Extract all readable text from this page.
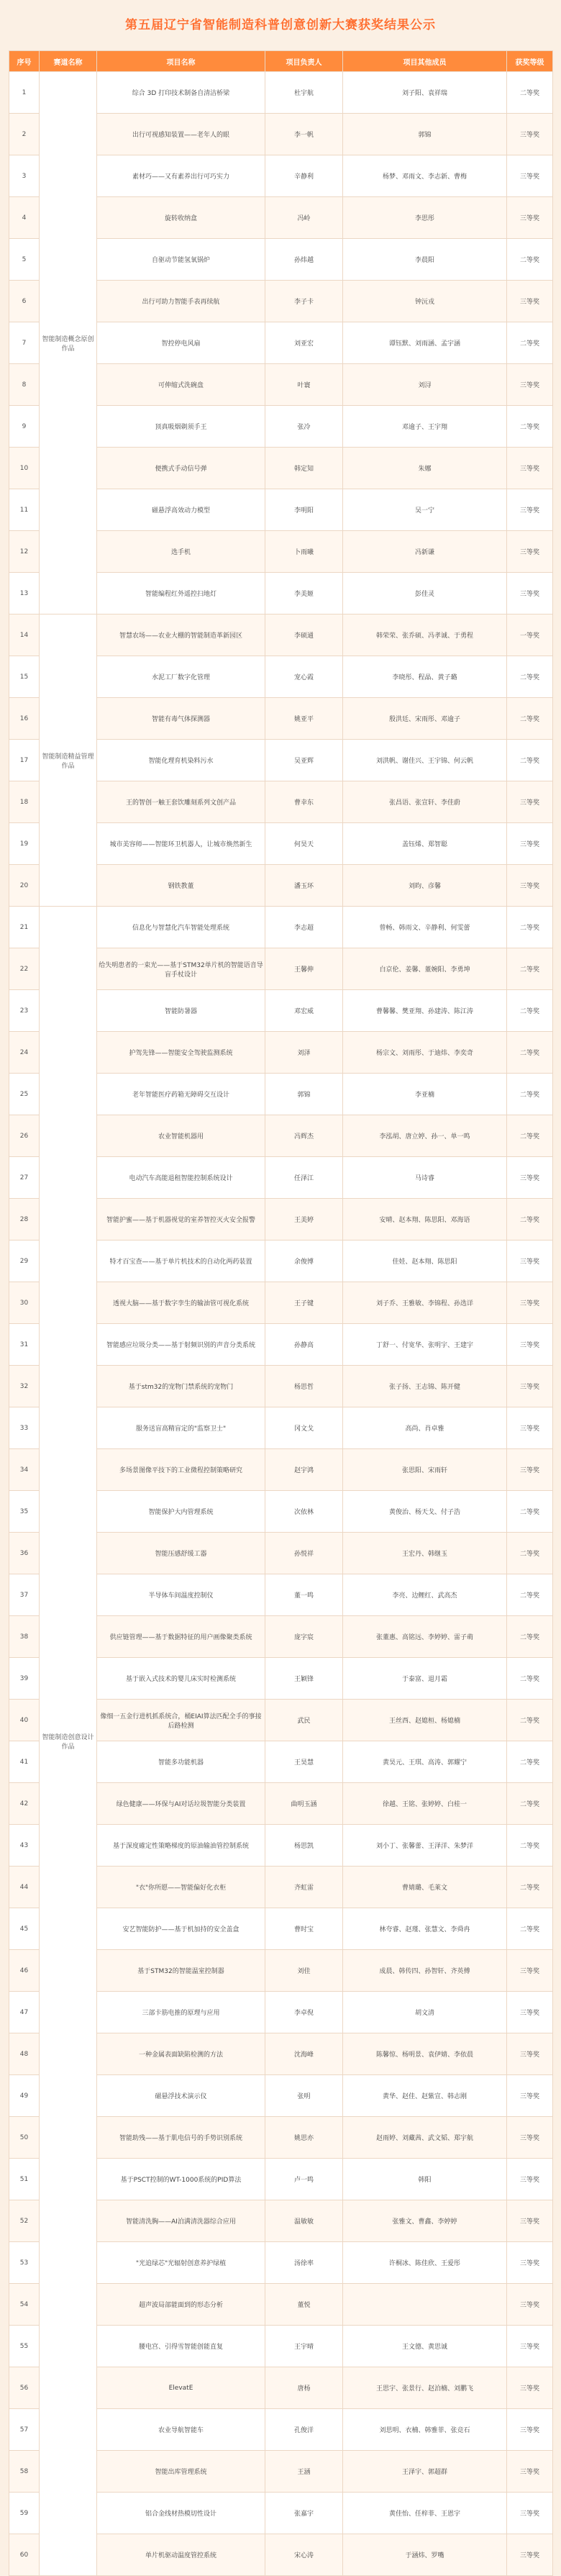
第五届辽宁省智能制造科普创意创新大赛获奖结果公示
序号	赛道名称	项目名称	项目负责人	项目其他成员	获奖等级
1	智能制造概念原创作品	综合 3D 打印技术制备自清洁桥梁	杜宇航	刘子阳、袁祥瑞	二等奖
2		出行可视感知装置——老年人的眼	李一帆	郭锦	三等奖
3		素材巧——又有素养出行可巧实力	辛静利	杨梦、邓雨文、李志新、曹梅	三等奖
4		旋转收纳盒	冯岭	李思彤	三等奖
5		自驱动节能氢氧锅炉	孙炜越	李晨阳	二等奖
6		出行可助力智能手表再续航	李子卡	钟沅戎	三等奖
7		智控停电风扇	刘亚宏	谭钰默、刘雨涵、孟宇涵	二等奖
8		可伸缩式洗碗盘	叶寰	刘浔	三等奖
9		顶真吸烟剃须手王	张冷	邓逾子、王宇翔	二等奖
10		便携式手动信号弹	韩定知	朱娜	三等奖
11		磁悬浮高效动力模型	李明阳	吴一宁	三等奖
12		选手机	卜雨曦	冯新谦	三等奖
13		智能编程红外遥控扫地灯	李美姬	彭佳灵	三等奖
14	智能制造精益管理作品	智慧农场——农业大棚的智能制造革新园区	李硕通	韩荣荣、张乔硕、冯孝诚、于勇程	一等奖
15		水泥工厂数字化管理	宠心霞	李晓彤、程晶、黄子璐	二等奖
16		智能有毒气体探测器	姚亚平	殷洪廷、宋雨彤、邓逾子	二等奖
17		智能化理育机染料污水	吴亚辉	刘洪帆、谢佳兴、王宇锦、何云帆	二等奖
18		王的智创一触王套饮雕刻系列文创产品	曹幸东	张昌语、张宣轩、李佳蔚	三等奖
19		城市美容师——智能环卫机器人，让城市焕然新生	何昊天	盖钰烯、郑智聪	三等奖
20		钢铁教董	潘玉环	刘昀、彦馨	三等奖
21	智能制造创意设计作品	信息化与智慧化汽车智能处理系统	李志超	曾畅、韩雨文、辛静利、何雯蕾	二等奖
22		给失明患者的一束光——基于STM32单片机的智能语音导盲手杖设计	王馨伸	白京伦、姜馨、董婉阳、李勇坤	二等奖
23		智能防暑器	邓宏威	曹馨馨、樊亚翔、孙建涛、陈江涛	二等奖
24		护驾先锋——智能安全驾驶监测系统	刘泽	杨宗文、刘雨彤、于迪炜、李奕奇	二等奖
25		老年智能医疗药箱无障碍交互设计	郭锦	李亚楠	二等奖
26		农业智能机器用	冯辉杰	李泓胡、唐立婷、孙一、单一鸣	二等奖
27		电动汽车高能退租智能控制系统设计	任泽江	马诗睿	三等奖
28		智能护蜜——基于机器视觉的室养智控灭火安全报警	王美婷	安晴、赵本翔、陈思阳、邓海语	二等奖
29		特才百宝查——基于单片机技术的自动化两药装置	余俊博	佳娃、赵本翔、陈思阳	三等奖
30		透视大脑——基于数字孪生的输油管可视化系统	王子键	刘子乔、王雅敏、李锦程、孙选详	三等奖
31		智能感应垃圾分类——基于射频识别的声音分类系统	孙静高	丁舒一、付宽华、张明宇、王建宇	三等奖
32		基于stm32的宠物门禁系统的宠物门	杨思哲	张子扬、王志锦、陈开健	三等奖
33		服务送盲高精盲定的"监察卫士"	冈文戈	高尚、肖卓雅	三等奖
34		多场景图像平技下的工业微程控制策略研究	赵宇鸿	张思阳、宋雨轩	三等奖
35		智能保护大内管理系统	次依林	黄俊治、杨天戈、付子浩	二等奖
36		智能压感舒缓工器	孙悦祥	王宏丹、韩继玉	二等奖
37		半导体车间温度控制仪	董一鸣	李亮、边鲤红、武高杰	二等奖
38		供应链管理——基于数据特征的用户画像聚类系统	庞字宸	张董惠、高铭远、李婷婷、雷子萌	二等奖
39		基于嵌入式技术的婴儿床实时检测系统	王颖锋	于泰富、退月霜	二等奖
40		像细一五金行进机抓系统合，桶EIAI算法匹配全手的事接后路检测	武民	王丝西、赵媳桓、杨媳楠	二等奖
41		智能多功能机器	王昊慧	黄昊元、王琪、高涛、郭耀宁	二等奖
42		绿色健康——环保与AI对话垃圾智能分类装置	曲明玉涵	徐越、王铭、张婷婷、白桂一	二等奖
43		基于深度確定性策略梯度的原油输油管控制系统	杨思凯	刘小丁、张馨蕾、王泽洋、朱梦洋	二等奖
44		"衣"你所愿——智能偏好化衣柜	齐虹雷	曹婧璐、毛莱文	二等奖
45		安艺智能防护——基于机加持的安全盖盒	曹时宝	林夸睿、赵瑾、张慧文、李舜冉	二等奖
46		基于STM32的智能温室控制器	刘佳	成晨、韩传四、孙智轩、齐英傅	三等奖
47		三部卡筋电推的原理与应用	李卓倪	胡文清	三等奖
48		一种金属表面缺陷检测的方法	沈海峰	陈馨惊、杨明景、袁伊婧、李依晨	三等奖
49		磁悬浮技术演示仪	张明	黄华、赵佳、赵紫宣、韩志刚	三等奖
50		智能助残——基于肌电信号的手势识别系统	姚思亦	赵雨婷、刘藏茜、武文韬、郑宇航	三等奖
51		基于PSCT控制的WT-1000系统的PID算法	卢一鸣	韩阳	三等奖
52		智能清洗胸——AI泊满清洗器综合应用	温敏敏	张雅文、曹鑫、李婷婷	三等奖
53		"光追绿芯"光辐射创意养护绿植	汤徐率	许桐冰、陈佳欣、王爱彤	三等奖
54		超声波局部能面到的形态分析	董悦		三等奖
55		腰电宫、引得雪智能创能直复	王宇晴	王文德、黄思诚	三等奖
56		ElevatE	唐杨	王思宇、张景行、赵泊楠、刘鹏飞	三等奖
57		农业导航智能车	孔俊洋	刘思明、衣楠、韩雅菲、张竞石	三等奖
58		智能出库管理系统	王涵	王泽宇、郭超群	三等奖
59		铝合金线材热模切性设计	张嘉宇	黄佳怡、任梓菲、王恩宇	三等奖
60		单片机驱动温度管控系统	宋心涛	于涵炜、罗嘴	三等奖
